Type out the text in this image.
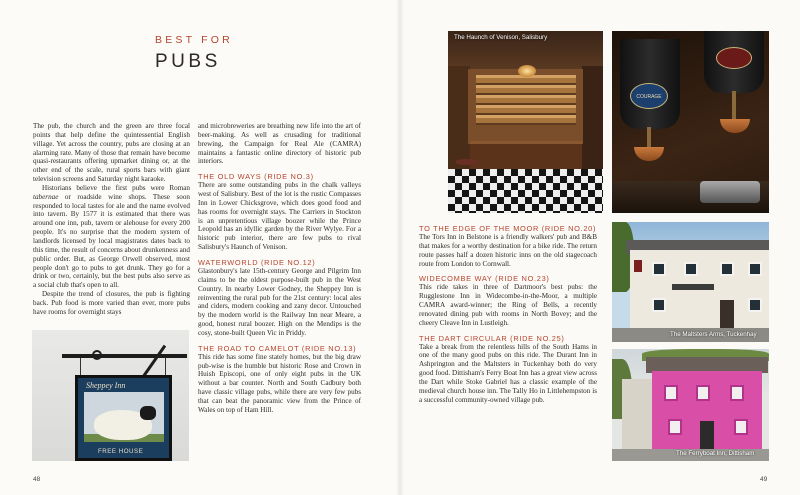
BEST FOR
PUBS

The pub, the church and the green are three focal points that help define the quintessential English village. Yet across the country, pubs are closing at an alarming rate. Many of those that remain have become quasi-restaurants offering upmarket dining or, at the other end of the scale, rural sports bars with giant television screens and Saturday night karaoke.

Historians believe the first pubs were Roman tabernae or roadside wine shops. These soon responded to local tastes for ale and the name evolved into tavern. By 1577 it is estimated that there was around one inn, pub, tavern or alehouse for every 200 people. It's no surprise that the modern system of landlords licensed by local magistrates dates back to this time, the result of concerns about drunkenness and public order. But, as George Orwell observed, most people don't go to pubs to get drunk. They go for a drink or two, certainly, but the best pubs also serve as a social club that's open to all.

Despite the trend of closures, the pub is fighting back. Pub food is more varied than ever, more pubs have rooms for overnight stays

Sheppey Inn
FREE HOUSE

and microbreweries are breathing new life into the art of beer-making. As well as crusading for traditional brewing, the Campaign for Real Ale (CAMRA) maintains a fantastic online directory of historic pub interiors.

THE OLD WAYS (RIDE NO.3)

There are some outstanding pubs in the chalk valleys west of Salisbury. Best of the lot is the rustic Compasses Inn in Lower Chicksgrove, which does good food and has rooms for overnight stays. The Carriers in Stockton is an unpretentious village boozer while the Prince Leopold has an idyllic garden by the River Wylye. For a historic pub interior, there are few pubs to rival Salisbury's Haunch of Venison.

WATERWORLD (RIDE NO.12)

Glastonbury's late 15th-century George and Pilgrim Inn claims to be the oldest purpose-built pub in the West Country. In nearby Lower Godney, the Sheppey Inn is reinventing the rural pub for the 21st century: local ales and ciders, modern cooking and zany decor. Untouched by the modern world is the Railway Inn near Meare, a good, honest rural boozer. High on the Mendips is the cosy, stone-built Queen Vic in Priddy.

THE ROAD TO CAMELOT (RIDE NO.13)

This ride has some fine stately homes, but the big draw pub-wise is the humble but historic Rose and Crown in Huish Episcopi, one of only eight pubs in the UK without a bar counter. North and South Cadbury both have classic village pubs, while there are very few pubs that can beat the panoramic view from the Prince of Wales on top of Ham Hill.

48
The Haunch of Venison, Salisbury
COURAGE
TO THE EDGE OF THE MOOR (RIDE NO.20)

The Tors Inn in Belstone is a friendly walkers' pub and B&B that makes for a worthy destination for a bike ride. The return route passes half a dozen historic inns on the old stagecoach route from London to Cornwall.

WIDECOMBE WAY (RIDE NO.23)

This ride takes in three of Dartmoor's best pubs: the Rugglestone Inn in Widecombe-in-the-Moor, a multiple CAMRA award-winner; the Ring of Bells, a recently renovated dining pub with rooms in North Bovey; and the cheery Cleave Inn in Lustleigh.

THE DART CIRCULAR (RIDE NO.25)

Take a break from the relentless hills of the South Hams in one of the many good pubs on this ride. The Durant Inn in Ashprington and the Maltsters in Tuckenhay both do very good food. Dittisham's Ferry Boat Inn has a great view across the Dart while Stoke Gabriel has a classic example of the medieval church house inn. The Tally Ho in Littlehempston is a successful community-owned village pub.

The Maltsters Arms, Tuckenhay
The Ferryboat Inn, Dittisham
49
